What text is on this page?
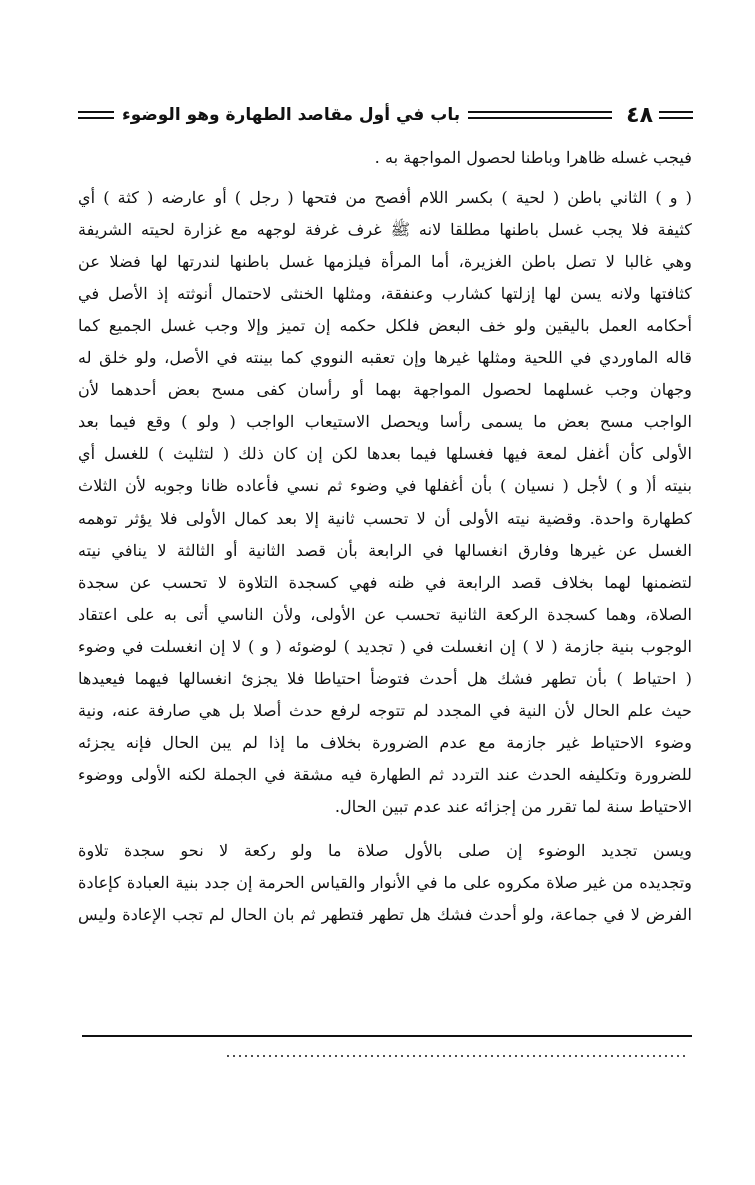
٤٨
باب في أول مقاصد الطهارة وهو الوضوء
فيجب غسله ظاهرا وباطنا لحصول المواجهة به .
( و ) الثاني باطن ( لحية ) بكسر اللام أفصح من فتحها ( رجل ) أو عارضه ( كثة ) أي
كثيفة فلا يجب غسل باطنها مطلقا لانه ﷺ غرف غرفة لوجهه مع غزارة لحيته الشريفة
وهي غالبا لا تصل باطن الغزيرة، أما المرأة فيلزمها غسل باطنها لندرتها لها فضلا عن
كثافتها ولانه يسن لها إزلتها كشارب وعنفقة، ومثلها الخنثى لاحتمال أنوثته إذ الأصل في
أحكامه العمل باليقين ولو خف البعض فلكل حكمه إن تميز وإلا وجب غسل الجميع كما
قاله الماوردي في اللحية ومثلها غيرها وإن تعقبه النووي كما بينته في الأصل، ولو خلق له
وجهان وجب غسلهما لحصول المواجهة بهما أو رأسان كفى مسح بعض أحدهما لأن
الواجب مسح بعض ما يسمى رأسا ويحصل الاستيعاب الواجب ( ولو ) وقع فيما بعد
الأولى كأن أغفل لمعة فيها فغسلها فيما بعدها لكن إن كان ذلك ( لتثليث ) للغسل أي
بنيته أ( و ) لأجل ( نسيان ) بأن أغفلها في وضوء ثم نسي فأعاده ظانا وجوبه لأن الثلاث
كطهارة واحدة. وقضية نيته الأولى أن لا تحسب ثانية إلا بعد كمال الأولى فلا يؤثر توهمه
الغسل عن غيرها وفارق انغسالها في الرابعة بأن قصد الثانية أو الثالثة لا ينافي نيته
لتضمنها لهما بخلاف قصد الرابعة في ظنه فهي كسجدة التلاوة لا تحسب عن سجدة
الصلاة، وهما كسجدة الركعة الثانية تحسب عن الأولى، ولأن الناسي أتى به على اعتقاد
الوجوب بنية جازمة ( لا ) إن انغسلت في ( تجديد ) لوضوئه ( و ) لا إن انغسلت في وضوء
( احتياط ) بأن تطهر فشك هل أحدث فتوضأ احتياطا فلا يجزئ انغسالها فيهما فيعيدها
حيث علم الحال لأن النية في المجدد لم تتوجه لرفع حدث أصلا بل هي صارفة عنه، ونية
وضوء الاحتياط غير جازمة مع عدم الضرورة بخلاف ما إذا لم يبن الحال فإنه يجزئه
للضرورة وتكليفه الحدث عند التردد ثم الطهارة فيه مشقة في الجملة لكنه الأولى ووضوء
الاحتياط سنة لما تقرر من إجزائه عند عدم تبين الحال.
ويسن تجديد الوضوء إن صلى بالأول صلاة ما ولو ركعة لا نحو سجدة تلاوة
وتجديده من غير صلاة مكروه على ما في الأنوار والقياس الحرمة إن جدد بنية العبادة كإعادة
الفرض لا في جماعة، ولو أحدث فشك هل تطهر فتطهر ثم بان الحال لم تجب الإعادة وليس
